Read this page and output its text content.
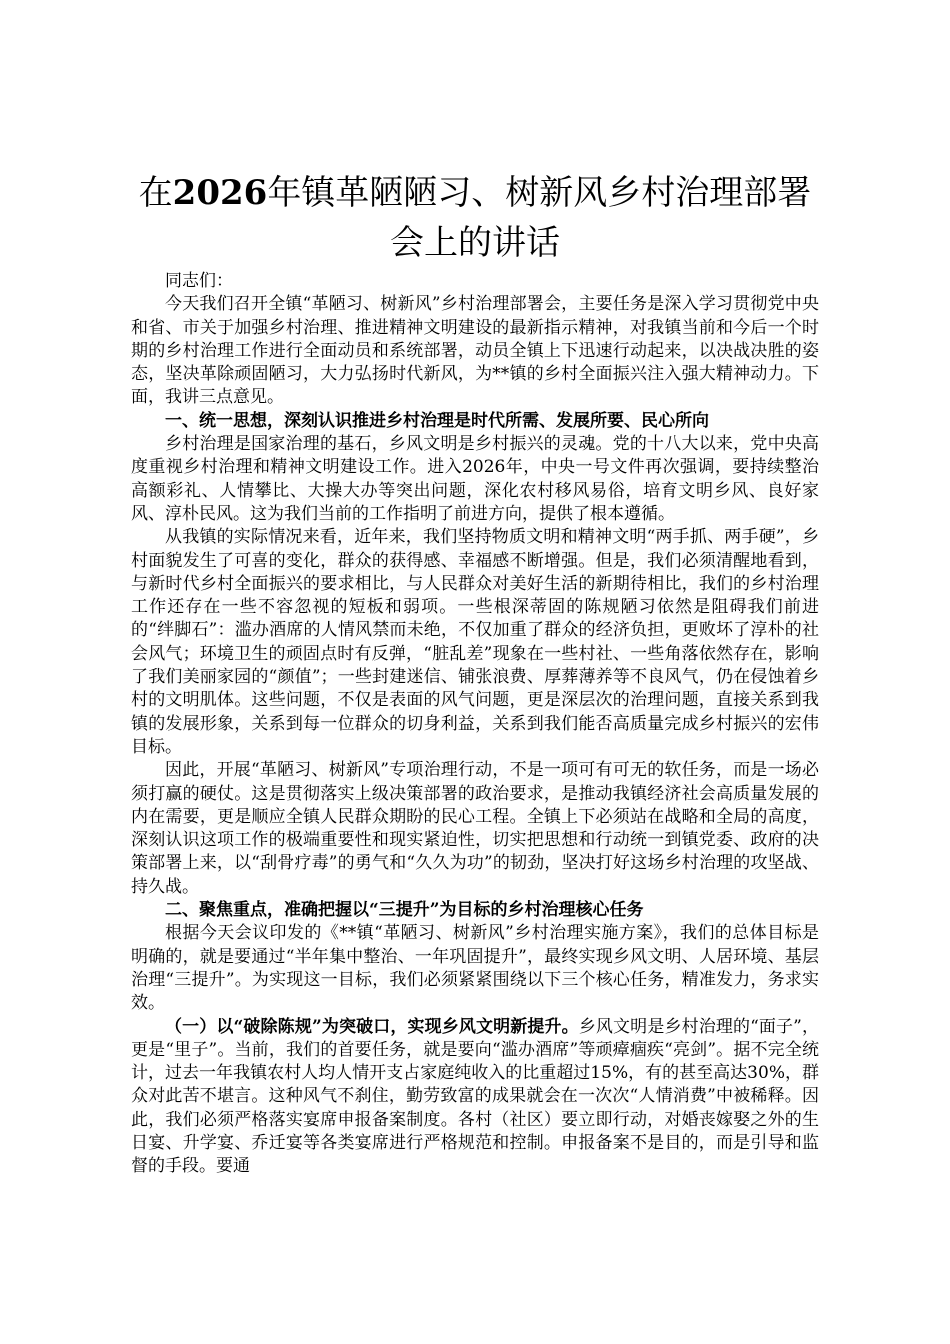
在2026年镇革陋陋习、树新风乡村治理部署
会上的讲话

同志们：

今天我们召开全镇“革陋习、树新风”乡村治理部署会，主要任务是深入学习贯彻党中央和省、市关于加强乡村治理、推进精神文明建设的最新指示精神，对我镇当前和今后一个时期的乡村治理工作进行全面动员和系统部署，动员全镇上下迅速行动起来，以决战决胜的姿态，坚决革除顽固陋习，大力弘扬时代新风，为**镇的乡村全面振兴注入强大精神动力。下面，我讲三点意见。

一、统一思想，深刻认识推进乡村治理是时代所需、发展所要、民心所向

乡村治理是国家治理的基石，乡风文明是乡村振兴的灵魂。党的十八大以来，党中央高度重视乡村治理和精神文明建设工作。进入2026年，中央一号文件再次强调，要持续整治高额彩礼、人情攀比、大操大办等突出问题，深化农村移风易俗，培育文明乡风、良好家风、淳朴民风。这为我们当前的工作指明了前进方向，提供了根本遵循。

从我镇的实际情况来看，近年来，我们坚持物质文明和精神文明“两手抓、两手硬”，乡村面貌发生了可喜的变化，群众的获得感、幸福感不断增强。但是，我们必须清醒地看到，与新时代乡村全面振兴的要求相比，与人民群众对美好生活的新期待相比，我们的乡村治理工作还存在一些不容忽视的短板和弱项。一些根深蒂固的陈规陋习依然是阻碍我们前进的“绊脚石”：滥办酒席的人情风禁而未绝，不仅加重了群众的经济负担，更败坏了淳朴的社会风气；环境卫生的顽固点时有反弹，“脏乱差”现象在一些村社、一些角落依然存在，影响了我们美丽家园的“颜值”；一些封建迷信、铺张浪费、厚葬薄养等不良风气，仍在侵蚀着乡村的文明肌体。这些问题，不仅是表面的风气问题，更是深层次的治理问题，直接关系到我镇的发展形象，关系到每一位群众的切身利益，关系到我们能否高质量完成乡村振兴的宏伟目标。

因此，开展“革陋习、树新风”专项治理行动，不是一项可有可无的软任务，而是一场必须打赢的硬仗。这是贯彻落实上级决策部署的政治要求，是推动我镇经济社会高质量发展的内在需要，更是顺应全镇人民群众期盼的民心工程。全镇上下必须站在战略和全局的高度，深刻认识这项工作的极端重要性和现实紧迫性，切实把思想和行动统一到镇党委、政府的决策部署上来，以“刮骨疗毒”的勇气和“久久为功”的韧劲，坚决打好这场乡村治理的攻坚战、持久战。

二、聚焦重点，准确把握以“三提升”为目标的乡村治理核心任务

根据今天会议印发的《**镇“革陋习、树新风”乡村治理实施方案》，我们的总体目标是明确的，就是要通过“半年集中整治、一年巩固提升”，最终实现乡风文明、人居环境、基层治理“三提升”。为实现这一目标，我们必须紧紧围绕以下三个核心任务，精准发力，务求实效。

（一）以“破除陈规”为突破口，实现乡风文明新提升。乡风文明是乡村治理的“面子”，更是“里子”。当前，我们的首要任务，就是要向“滥办酒席”等顽瘴痼疾“亮剑”。据不完全统计，过去一年我镇农村人均人情开支占家庭纯收入的比重超过15%，有的甚至高达30%，群众对此苦不堪言。这种风气不刹住，勤劳致富的成果就会在一次次“人情消费”中被稀释。因此，我们必须严格落实宴席申报备案制度。各村（社区）要立即行动，对婚丧嫁娶之外的生日宴、升学宴、乔迁宴等各类宴席进行严格规范和控制。申报备案不是目的，而是引导和监督的手段。要通
